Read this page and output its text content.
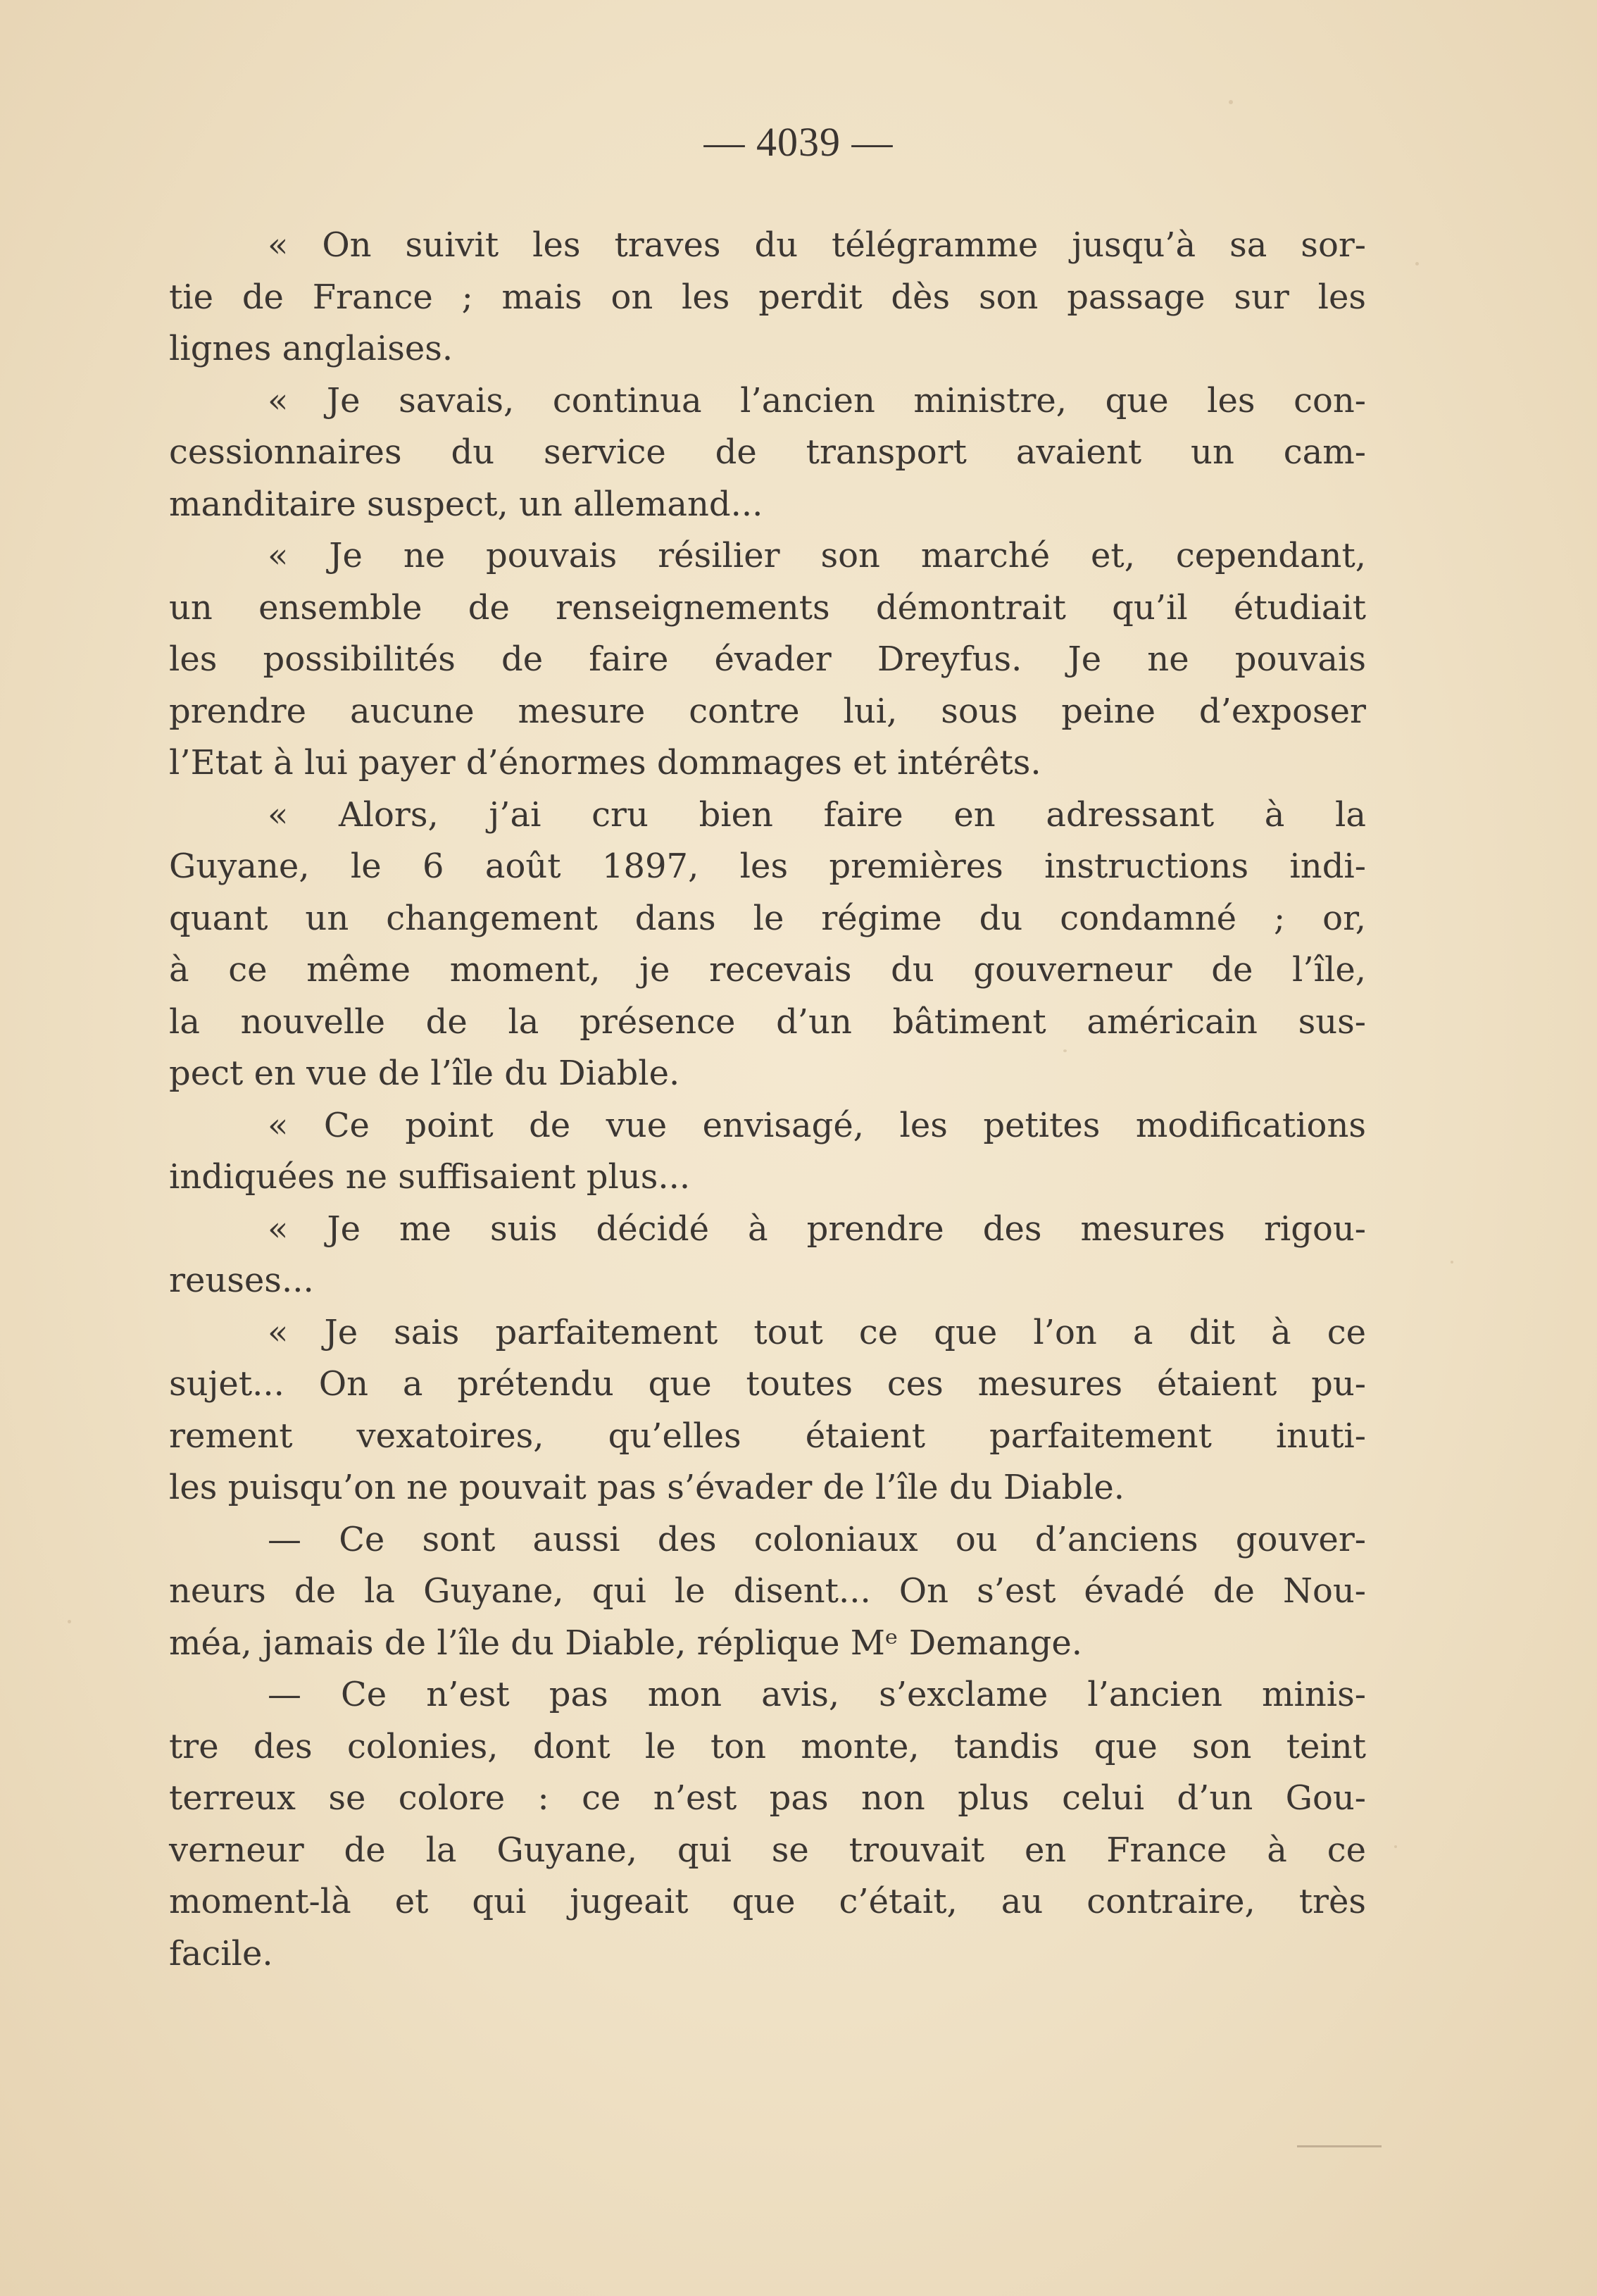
— 4039 —
« On suivit les traves du télégramme jusqu’à sa sor-
tie de France ; mais on les perdit dès son passage sur les
lignes anglaises.
« Je savais, continua l’ancien ministre, que les con-
cessionnaires du service de transport avaient un cam-
manditaire suspect, un allemand...
« Je ne pouvais résilier son marché et, cependant,
un ensemble de renseignements démontrait qu’il étudiait
les possibilités de faire évader Dreyfus. Je ne pouvais
prendre aucune mesure contre lui, sous peine d’exposer
l’Etat à lui payer d’énormes dommages et intérêts.
« Alors, j’ai cru bien faire en adressant à la
Guyane, le 6 août 1897, les premières instructions indi-
quant un changement dans le régime du condamné ; or,
à ce même moment, je recevais du gouverneur de l’île,
la nouvelle de la présence d’un bâtiment américain sus-
pect en vue de l’île du Diable.
« Ce point de vue envisagé, les petites modifications
indiquées ne suffisaient plus...
« Je me suis décidé à prendre des mesures rigou-
reuses...
« Je sais parfaitement tout ce que l’on a dit à ce
sujet... On a prétendu que toutes ces mesures étaient pu-
rement vexatoires, qu’elles étaient parfaitement inuti-
les puisqu’on ne pouvait pas s’évader de l’île du Diable.
— Ce sont aussi des coloniaux ou d’anciens gouver-
neurs de la Guyane, qui le disent... On s’est évadé de Nou-
méa, jamais de l’île du Diable, réplique Mᵉ Demange.
— Ce n’est pas mon avis, s’exclame l’ancien minis-
tre des colonies, dont le ton monte, tandis que son teint
terreux se colore : ce n’est pas non plus celui d’un Gou-
verneur de la Guyane, qui se trouvait en France à ce
moment-là et qui jugeait que c’était, au contraire, très
facile.
